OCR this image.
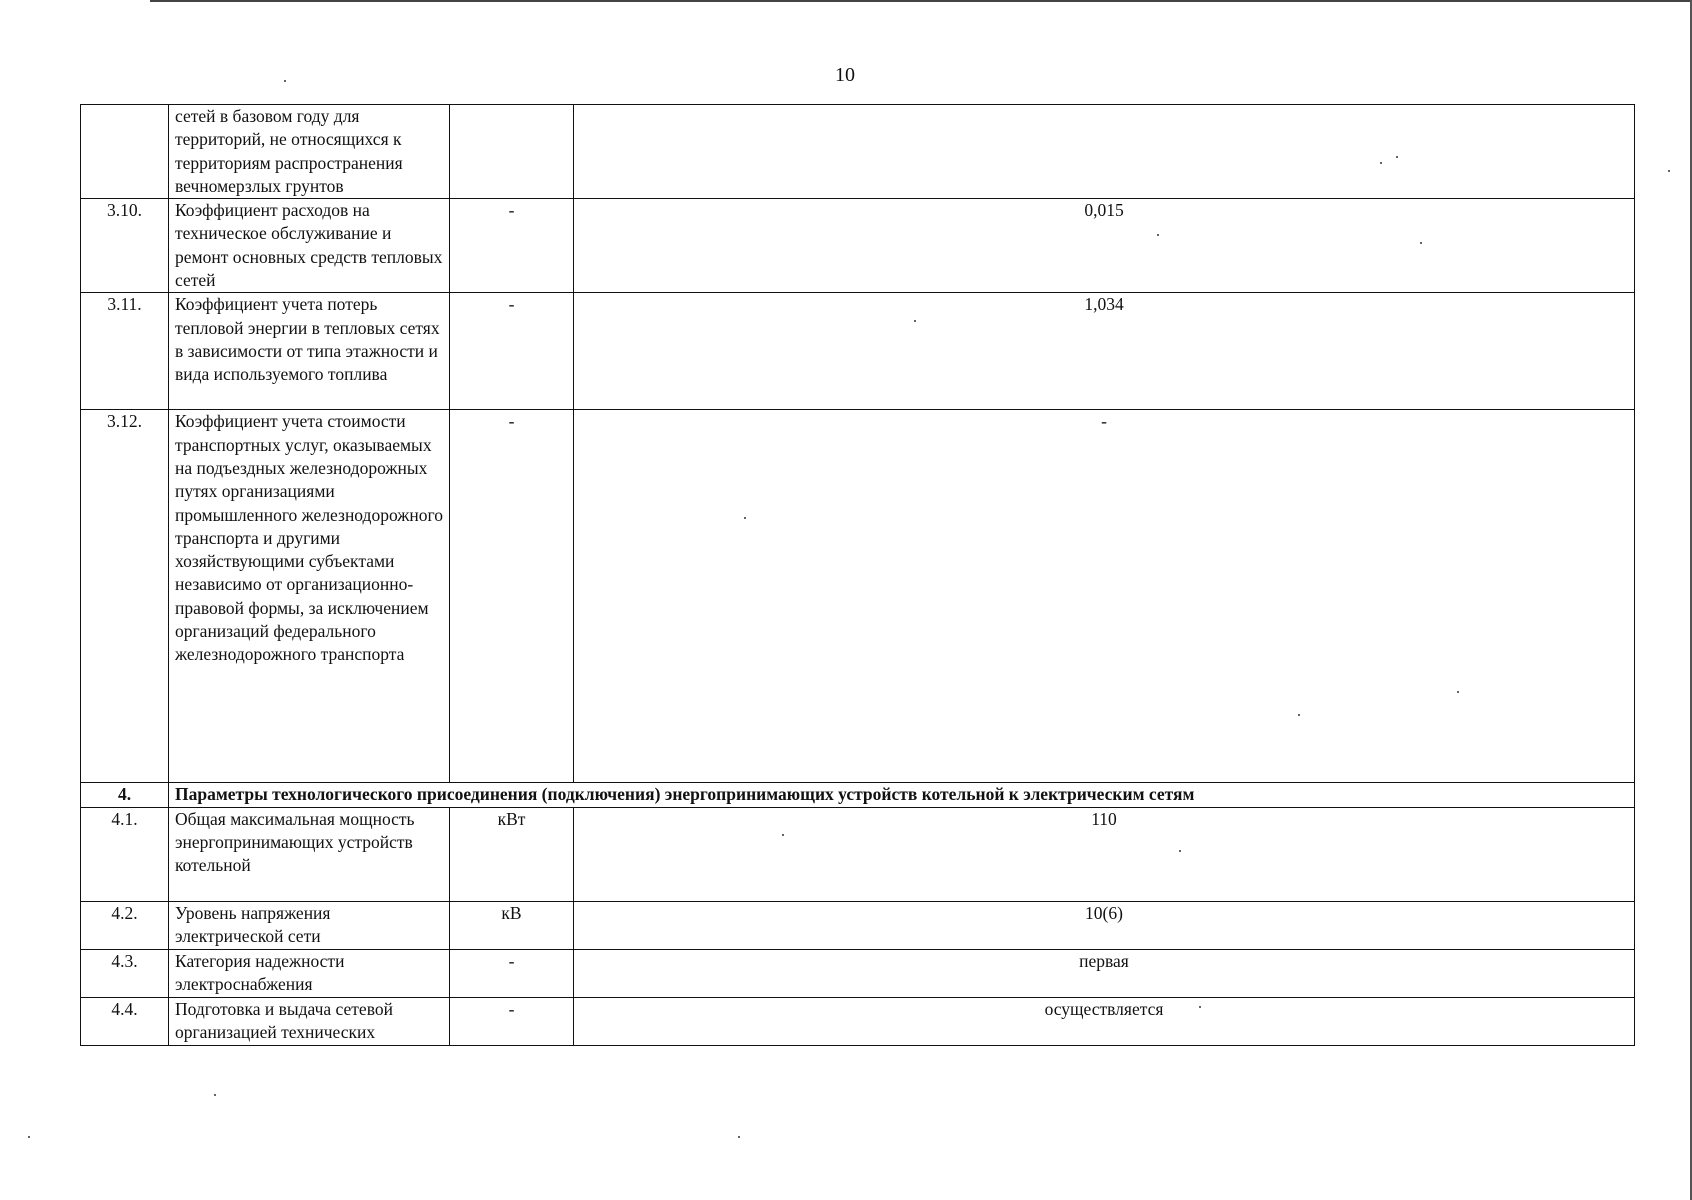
10
	сетей в базовом году для территорий, не относящихся к территориям распространения вечномерзлых грунтов		
3.10.	Коэффициент расходов на техническое обслуживание и ремонт основных средств тепловых сетей	-	0,015
3.11.	Коэффициент учета потерь тепловой энергии в тепловых сетях в зависимости от типа этажности и вида используемого топлива	-	1,034
3.12.	Коэффициент учета стоимости транспортных услуг, оказываемых на подъездных железнодорожных путях организациями промышленного железнодорожного транспорта и другими хозяйствующими субъектами независимо от организационно-правовой формы, за исключением организаций федерального железнодорожного транспорта	-	-
4.	Параметры технологического присоединения (подключения) энергопринимающих устройств котельной к электрическим сетям		
4.1.	Общая максимальная мощность энергопринимающих устройств котельной	кВт	110
4.2.	Уровень напряжения электрической сети	кВ	10(6)
4.3.	Категория надежности электроснабжения	-	первая
4.4.	Подготовка и выдача сетевой организацией технических	-	осуществляется
